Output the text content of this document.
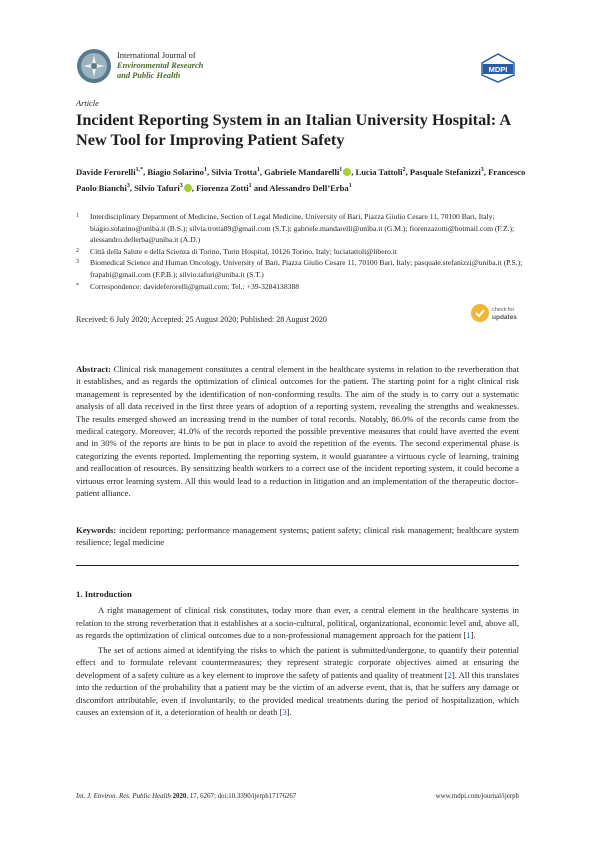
International Journal of
Environmental Research
and Public Health
MDPI
Article
Incident Reporting System in an Italian University Hospital: A New Tool for Improving Patient Safety
Davide Ferorelli$^{1,*}$, Biagio Solarino$^1$, Silvia Trotta$^1$, Gabriele Mandarelli$^1$ , Lucia Tattoli$^2$, Pasquale Stefanizzi$^3$, Francesco Paolo Bianchi$^3$, Silvio Tafuri$^3$ , Fiorenza Zotti$^1$ and Alessandro Dell’Erba$^1$
1	Interdisciplinary Department of Medicine, Section of Legal Medicine, University of Bari, Piazza Giulio Cesare 11, 70100 Bari, Italy; biagio.solarino@uniba.it (B.S.); silvia.trotta89@gmail.com (S.T.); gabriele.mandarelli@uniba.it (G.M.); fiorenzazotti@hotmail.com (F.Z.); alessandro.dellerba@uniba.it (A.D.)
2	Città della Salute e della Scienza di Torino, Turin Hospital, 10126 Torino, Italy; luciatattoli@libero.it
3	Biomedical Science and Human Oncology, University of Bari, Piazza Giulio Cesare 11, 70100 Bari, Italy; pasquale.stefanizzi@uniba.it (P.S.); frapabi@gmail.com (F.P.B.); silvio.tafuri@uniba.it (S.T.)
*	Correspondence: davideferorelli@gmail.com; Tel.: +39-3284138388
Received: 6 July 2020; Accepted: 25 August 2020; Published: 28 August 2020
check for
updates
Abstract: Clinical risk management constitutes a central element in the healthcare systems in relation to the reverberation that it establishes, and as regards the optimization of clinical outcomes for the patient. The starting point for a right clinical risk management is represented by the identification of non-conforming results. The aim of the study is to carry out a systematic analysis of all data received in the first three years of adoption of a reporting system, revealing the strengths and weaknesses. The results emerged showed an increasing trend in the number of total records. Notably, 86.0% of the records came from the medical category. Moreover, 41.0% of the records reported the possible preventive measures that could have averted the event and in 30% of the reports are hints to be put in place to avoid the repetition of the events. The second experimental phase is categorizing the events reported. Implementing the reporting system, it would guarantee a virtuous cycle of learning, training and reallocation of resources. By sensitizing health workers to a correct use of the incident reporting system, it could become a virtuous error learning system. All this would lead to a reduction in litigation and an implementation of the therapeutic doctor–patient alliance.
Keywords: incident reporting; performance management systems; patient safety; clinical risk management; healthcare system resilience; legal medicine
1. Introduction

A right management of clinical risk constitutes, today more than ever, a central element in the healthcare systems in relation to the strong reverberation that it establishes at a socio-cultural, political, organizational, economic level and, above all, as regards the optimization of clinical outcomes due to a non-professional management approach for the patient [1].

The set of actions aimed at identifying the risks to which the patient is submitted/undergone, to quantify their potential effect and to formulate relevant countermeasures; they represent strategic corporate objectives aimed at ensuring the development of a safety culture as a key element to improve the safety of patients and quality of treatment [2]. All this translates into the reduction of the probability that a patient may be the victim of an adverse event, that is, that he suffers any damage or discomfort attributable, even if involuntarily, to the provided medical treatments during the period of hospitalization, which causes an extension of it, a deterioration of health or death [3].

Int. J. Environ. Res. Public Health 2020, 17, 6267; doi:10.3390/ijerph17176267	www.mdpi.com/journal/ijerph
